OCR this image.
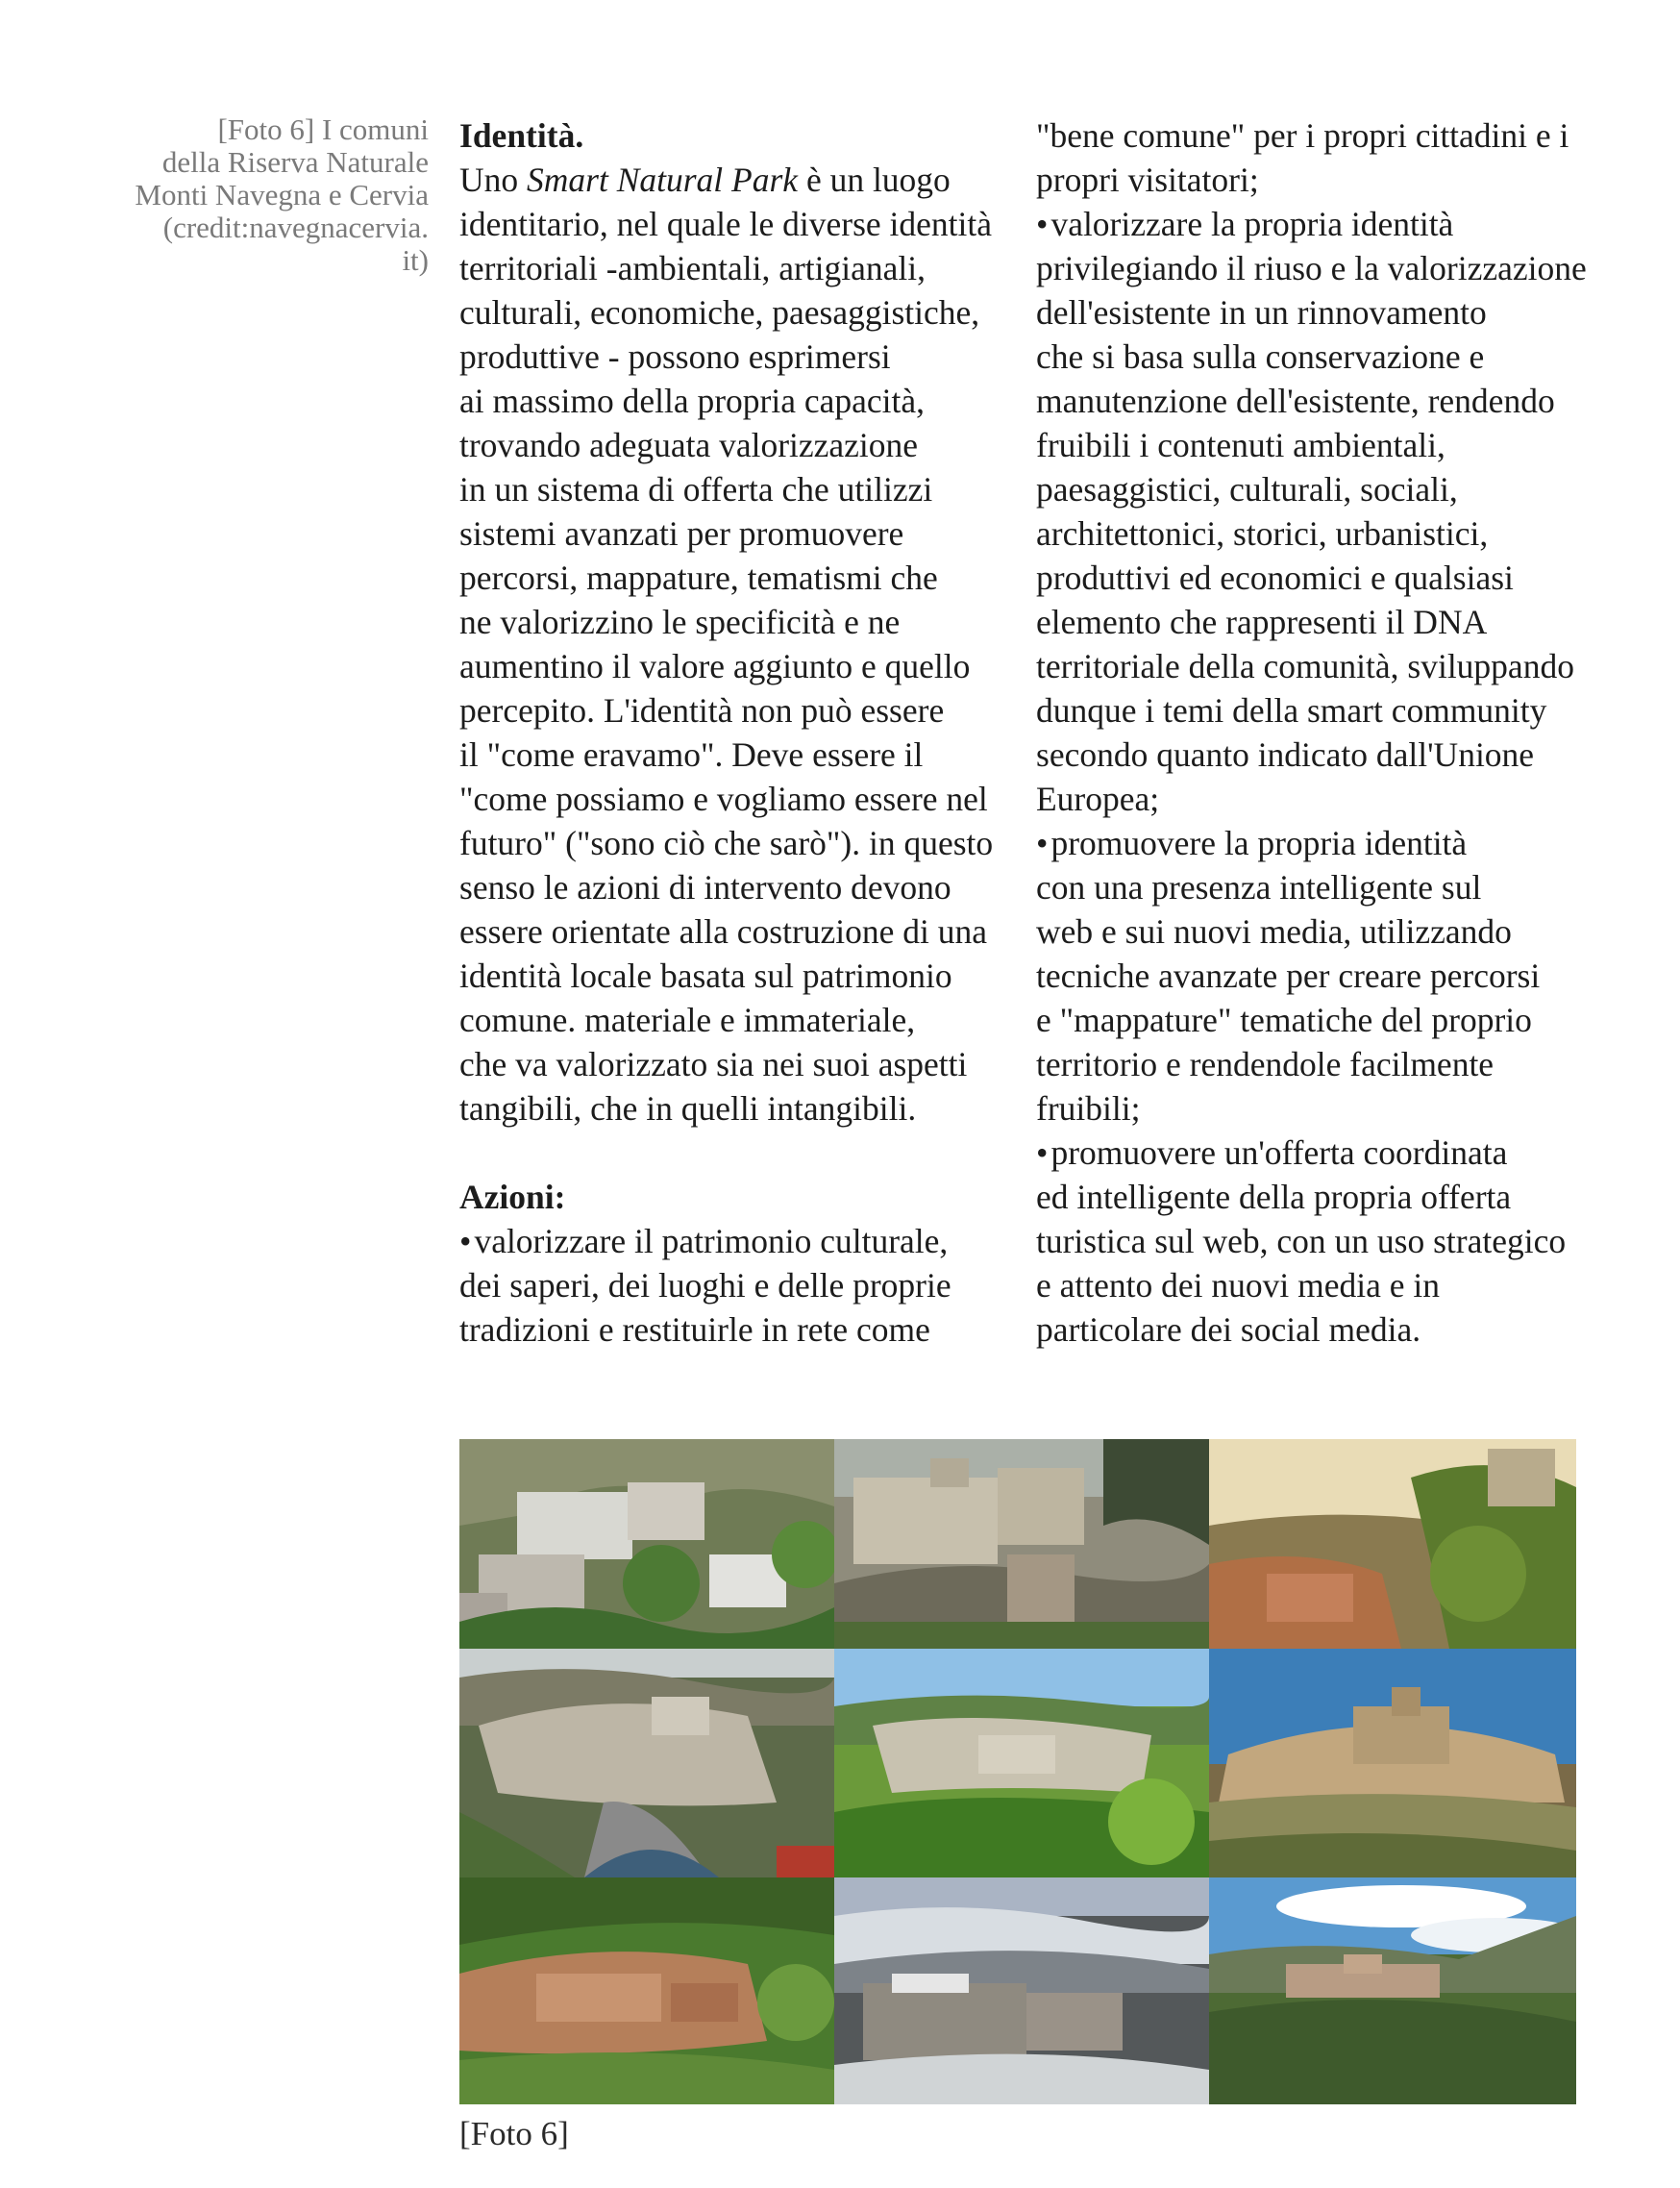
[Foto 6] I comuni
della Riserva Naturale
Monti Navegna e Cervia
(credit:navegnacervia.
it)

Identità.

Uno Smart Natural Park è un luogo

identitario, nel quale le diverse identità

territoriali -ambientali, artigianali,

culturali, economiche, paesaggistiche,

produttive - possono esprimersi

ai massimo della propria capacità,

trovando adeguata valorizzazione

in un sistema di offerta che utilizzi

sistemi avanzati per promuovere

percorsi, mappature, tematismi che

ne valorizzino le specificità e ne

aumentino il valore aggiunto e quello

percepito. L'identità non può essere

il "come eravamo". Deve essere il

"come possiamo e vogliamo essere nel

futuro" ("sono ciò che sarò"). in questo

senso le azioni di intervento devono

essere orientate alla costruzione di una

identità locale basata sul patrimonio

comune. materiale e immateriale,

che va valorizzato sia nei suoi aspetti

tangibili, che in quelli intangibili.

Azioni:

• valorizzare il patrimonio culturale,

dei saperi, dei luoghi e delle proprie

tradizioni e restituirle in rete come

"bene comune" per i propri cittadini e i

propri visitatori;

• valorizzare la propria identità

privilegiando il riuso e la valorizzazione

dell'esistente in un rinnovamento

che si basa sulla conservazione e

manutenzione dell'esistente, rendendo

fruibili i contenuti ambientali,

paesaggistici, culturali, sociali,

architettonici, storici, urbanistici,

produttivi ed economici e qualsiasi

elemento che rappresenti il DNA

territoriale della comunità, sviluppando

dunque i temi della smart community

secondo quanto indicato dall'Unione

Europea;

• promuovere la propria identità

con una presenza intelligente sul

web e sui nuovi media, utilizzando

tecniche avanzate per creare percorsi

e "mappature" tematiche del proprio

territorio e rendendole facilmente

fruibili;

• promuovere un'offerta coordinata

ed intelligente della propria offerta

turistica sul web, con un uso strategico

e attento dei nuovi media e in

particolare dei social media.

[Foto 6]
